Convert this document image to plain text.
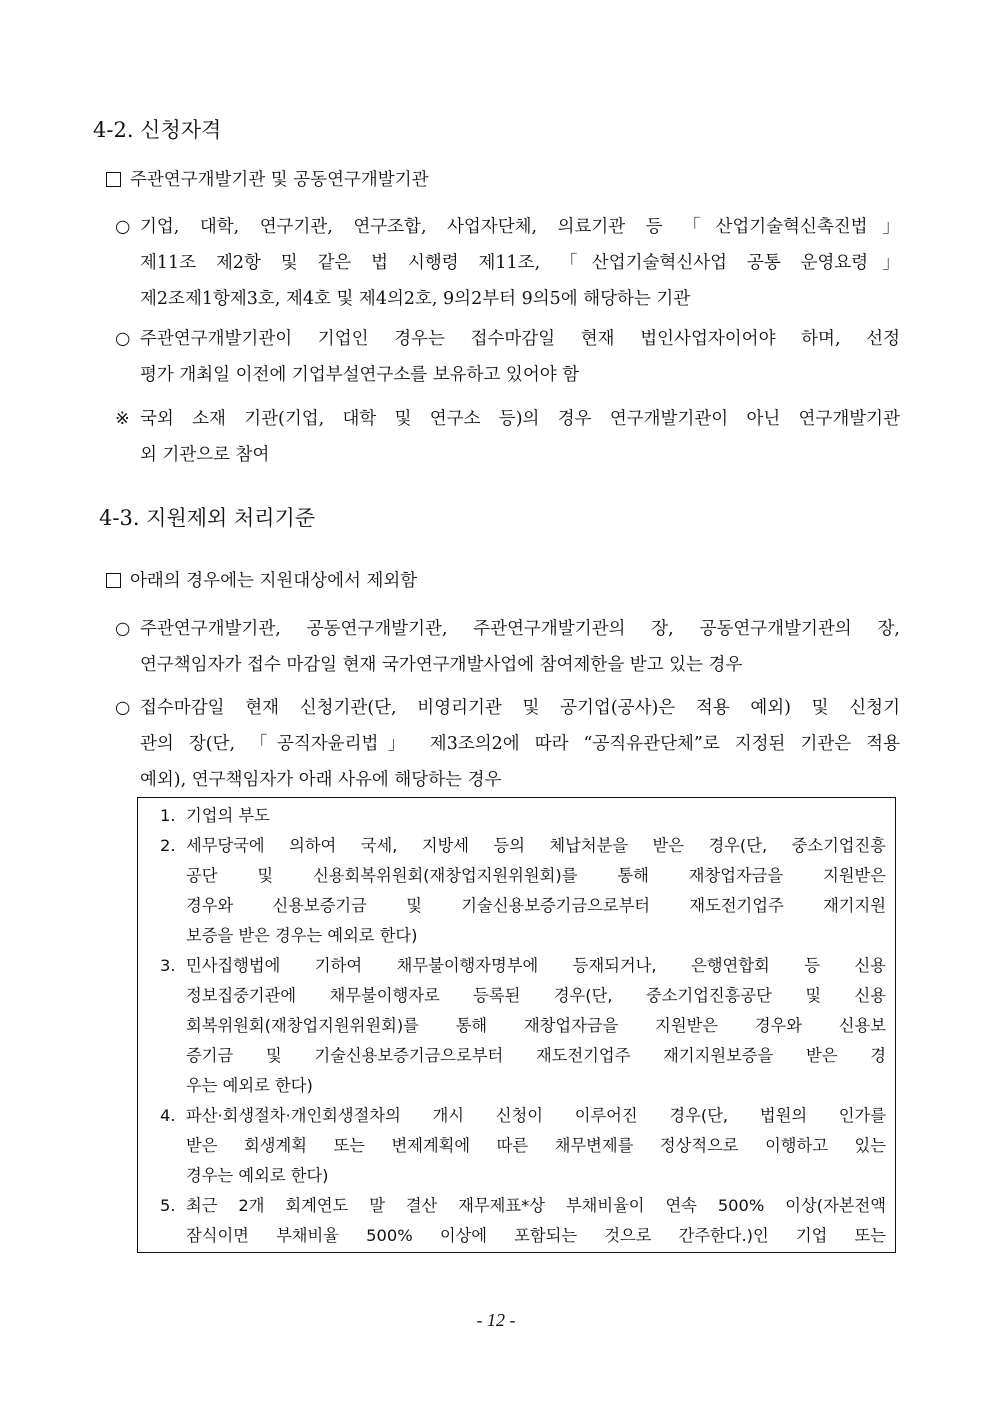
4-2. 신청자격
주관연구개발기관 및 공동연구개발기관
○ 기업, 대학, 연구기관, 연구조합, 사업자단체, 의료기관 등 「산업기술혁신촉진법」
제11조 제2항 및 같은 법 시행령 제11조, 「산업기술혁신사업 공통 운영요령」
제2조제1항제3호, 제4호 및 제4의2호, 9의2부터 9의5에 해당하는 기관
○ 주관연구개발기관이 기업인 경우는 접수마감일 현재 법인사업자이어야 하며, 선정
평가 개최일 이전에 기업부설연구소를 보유하고 있어야 함
※ 국외 소재 기관(기업, 대학 및 연구소 등)의 경우 연구개발기관이 아닌 연구개발기관
외 기관으로 참여
4-3. 지원제외 처리기준
아래의 경우에는 지원대상에서 제외함
○ 주관연구개발기관, 공동연구개발기관, 주관연구개발기관의 장, 공동연구개발기관의 장,
연구책임자가 접수 마감일 현재 국가연구개발사업에 참여제한을 받고 있는 경우
○ 접수마감일 현재 신청기관(단, 비영리기관 및 공기업(공사)은 적용 예외) 및 신청기
관의 장(단, 「공직자윤리법」 제3조의2에 따라 “공직유관단체”로 지정된 기관은 적용
예외), 연구책임자가 아래 사유에 해당하는 경우
1. 기업의 부도
2. 세무당국에 의하여 국세, 지방세 등의 체납처분을 받은 경우(단, 중소기업진흥
공단 및 신용회복위원회(재창업지원위원회)를 통해 재창업자금을 지원받은
경우와 신용보증기금 및 기술신용보증기금으로부터 재도전기업주 재기지원
보증을 받은 경우는 예외로 한다)
3. 민사집행법에 기하여 채무불이행자명부에 등재되거나, 은행연합회 등 신용
정보집중기관에 채무불이행자로 등록된 경우(단, 중소기업진흥공단 및 신용
회복위원회(재창업지원위원회)를 통해 재창업자금을 지원받은 경우와 신용보
증기금 및 기술신용보증기금으로부터 재도전기업주 재기지원보증을 받은 경
우는 예외로 한다)
4. 파산·회생절차·개인회생절차의 개시 신청이 이루어진 경우(단, 법원의 인가를
받은 회생계획 또는 변제계획에 따른 채무변제를 정상적으로 이행하고 있는
경우는 예외로 한다)
5. 최근 2개 회계연도 말 결산 재무제표*상 부채비율이 연속 500% 이상(자본전액
잠식이면 부채비율 500% 이상에 포함되는 것으로 간주한다.)인 기업 또는
- 12 -
